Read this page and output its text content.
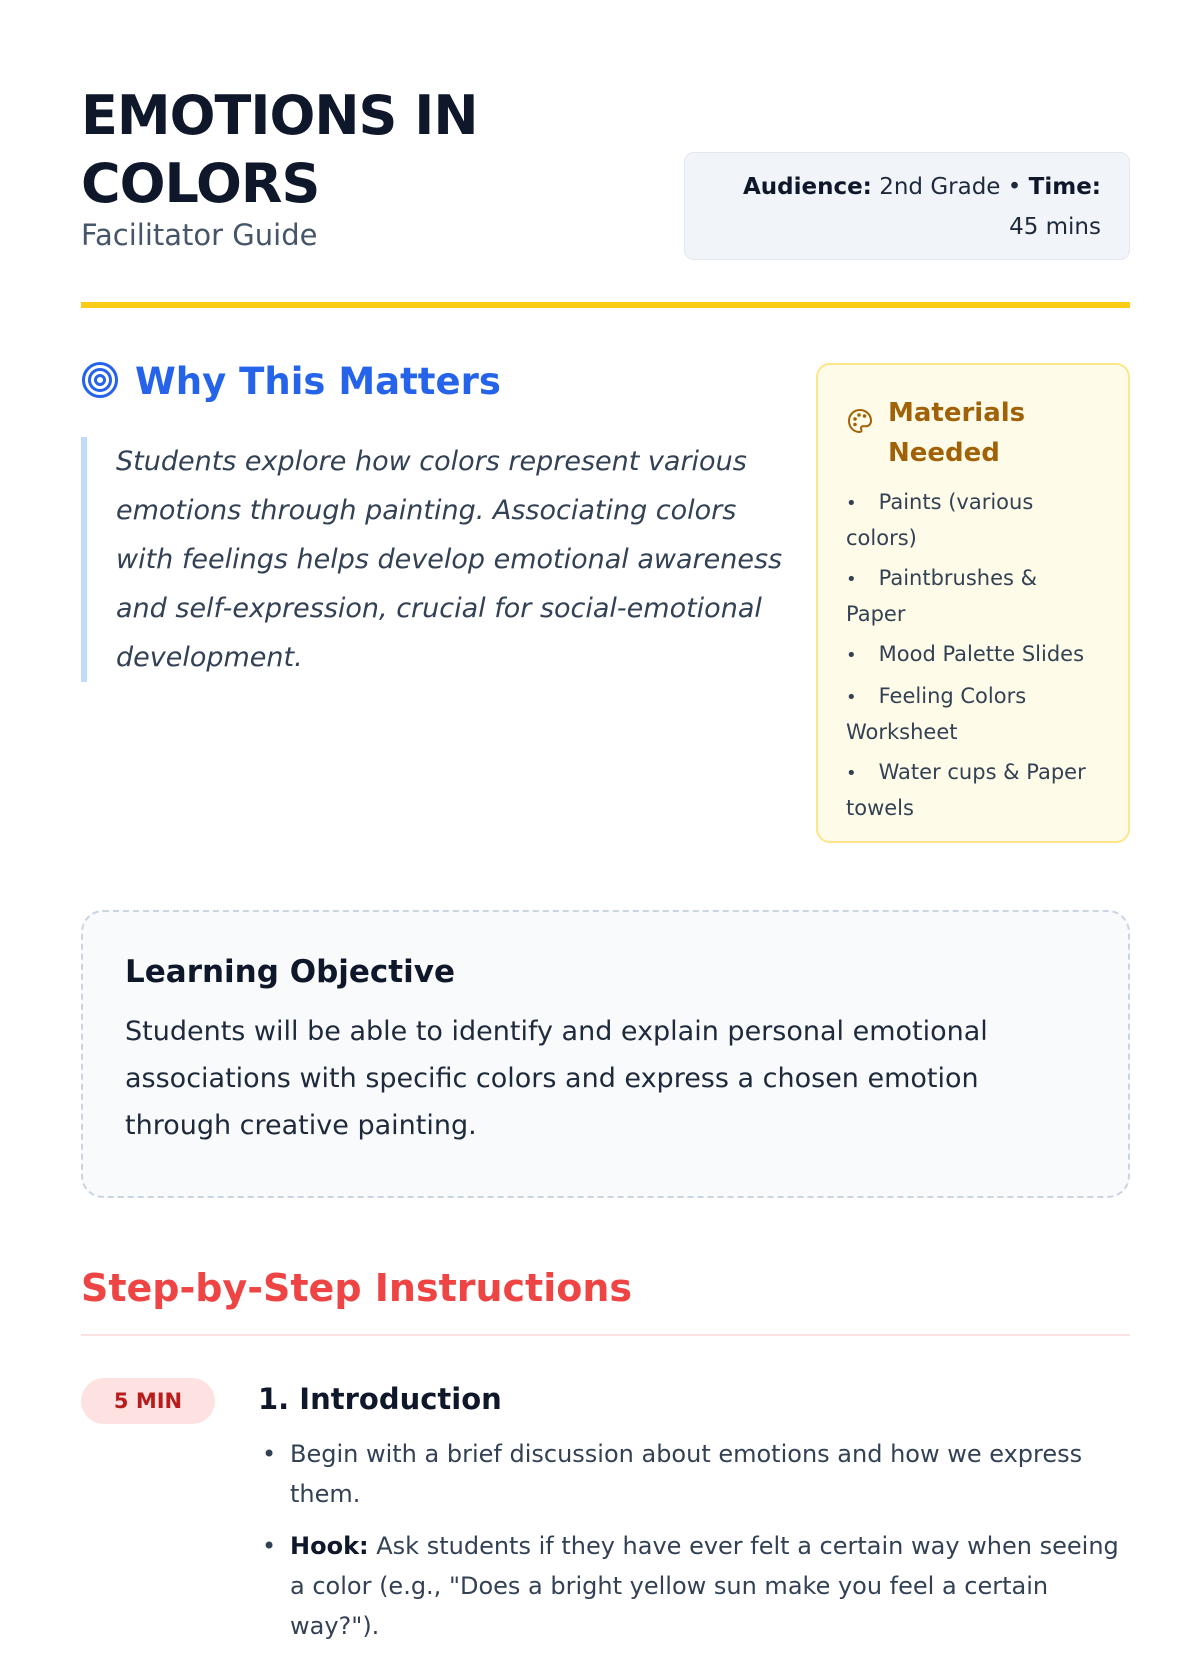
EMOTIONS IN COLORS
Facilitator Guide
Audience: 2nd Grade • Time:
45 mins
Why This Matters
Students explore how colors represent various emotions through painting. Associating colors with feelings helps develop emotional awareness and self-expression, crucial for social-emotional development.
Materials Needed
• Paints (various colors)
• Paintbrushes & Paper
• Mood Palette Slides
• Feeling Colors Worksheet
• Water cups & Paper towels
Learning Objective
Students will be able to identify and explain personal emotional associations with specific colors and express a chosen emotion through creative painting.
Step-by-Step Instructions
5 MIN	1. Introduction
• Begin with a brief discussion about emotions and how we express them.
• Hook: Ask students if they have ever felt a certain way when seeing a color (e.g., "Does a bright yellow sun make you feel a certain way?").
